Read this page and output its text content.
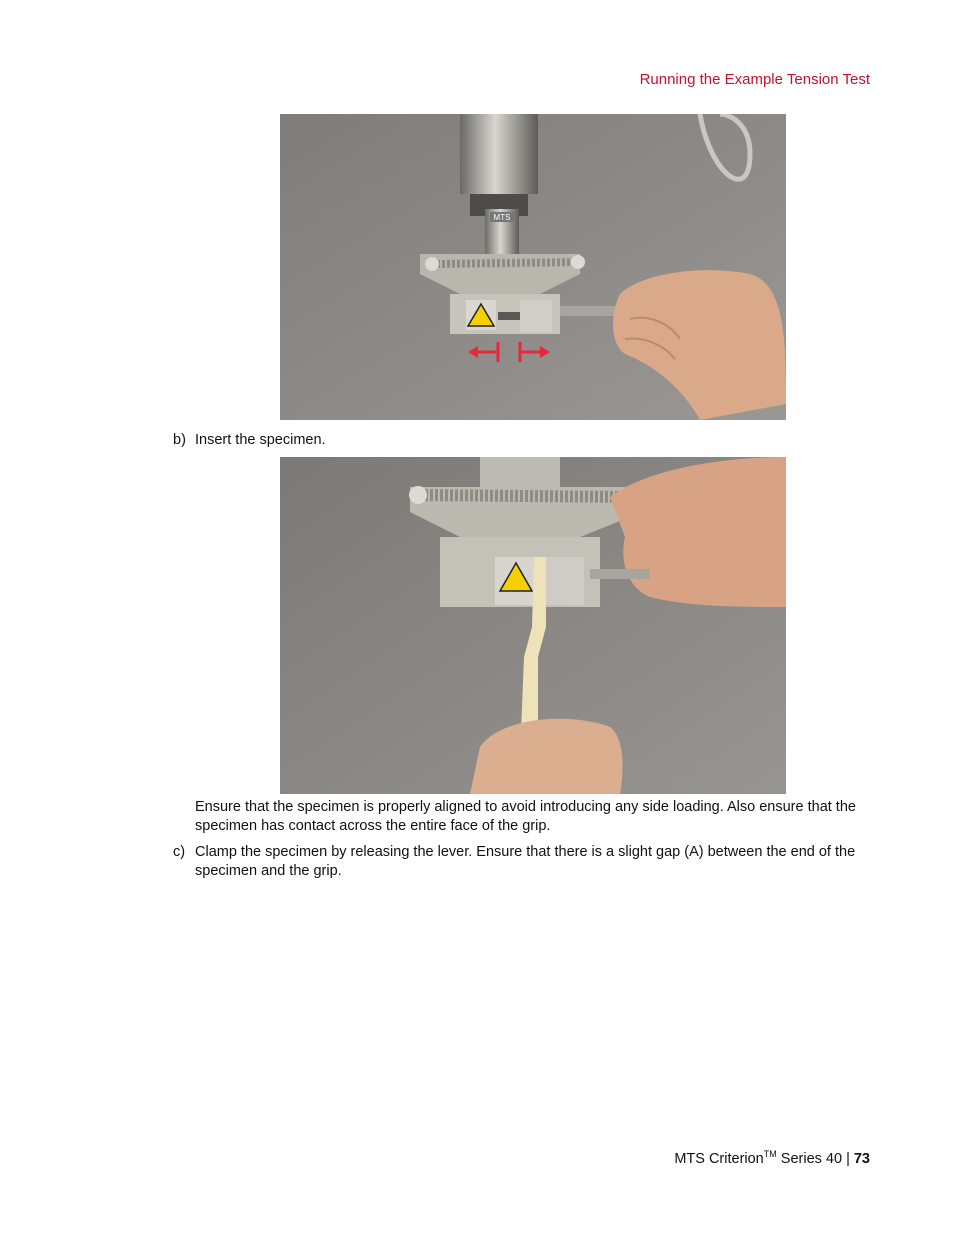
Running the Example Tension Test
MTS
b) Insert the specimen.
Ensure that the specimen is properly aligned to avoid introducing any side loading. Also ensure that the specimen has contact across the entire face of the grip.
c) Clamp the specimen by releasing the lever. Ensure that there is a slight gap (A) between the end of the specimen and the grip.
MTS Criterion™ Series 40 | 73
